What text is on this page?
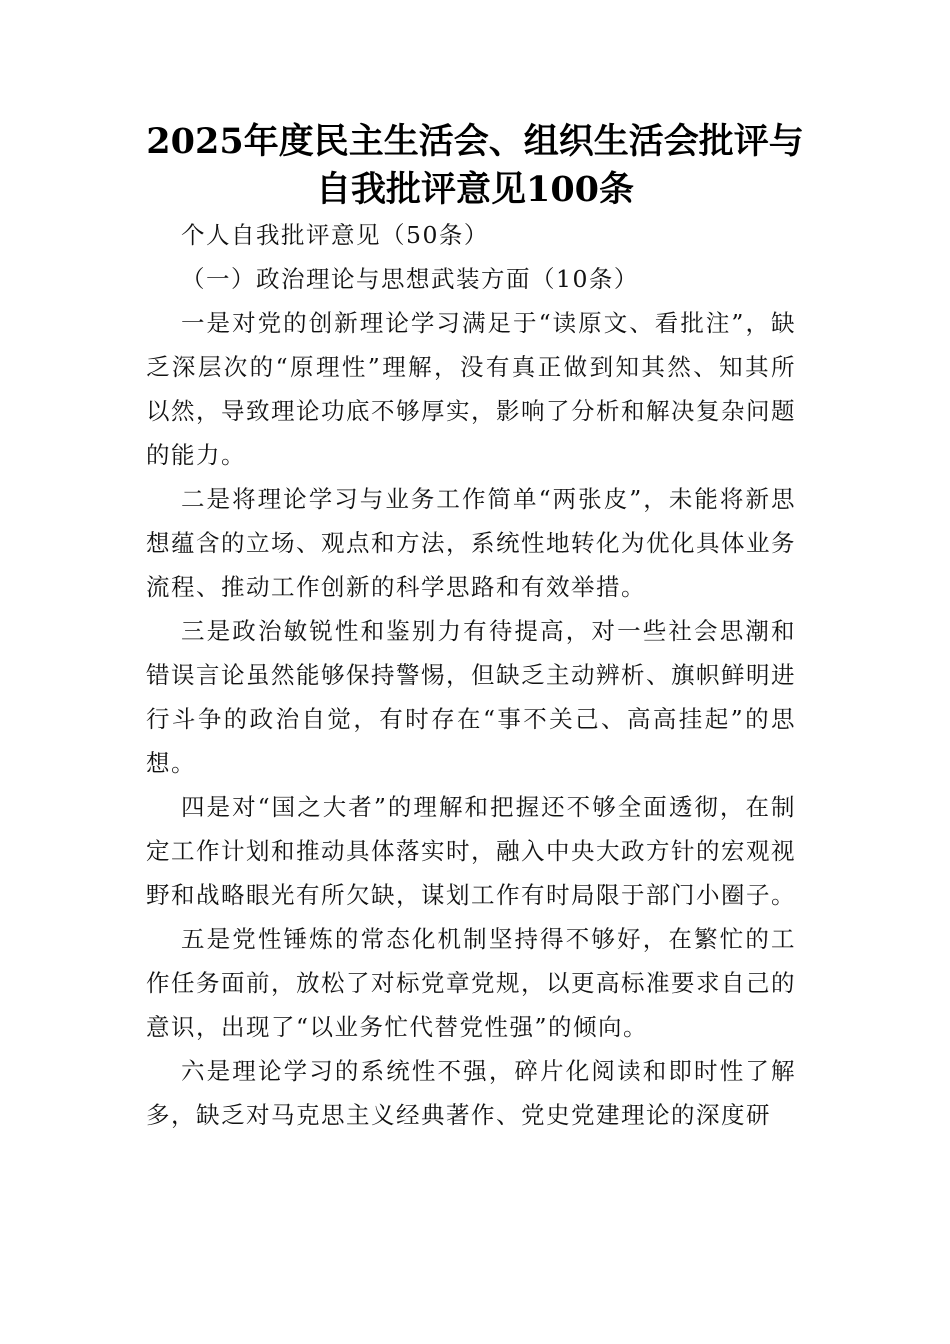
2025年度民主生活会、组织生活会批评与自我批评意见100条

个人自我批评意见（50条）

（一）政治理论与思想武装方面（10条）

一是对党的创新理论学习满足于“读原文、看批注”，缺乏深层次的“原理性”理解，没有真正做到知其然、知其所以然，导致理论功底不够厚实，影响了分析和解决复杂问题的能力。

二是将理论学习与业务工作简单“两张皮”，未能将新思想蕴含的立场、观点和方法，系统性地转化为优化具体业务流程、推动工作创新的科学思路和有效举措。

三是政治敏锐性和鉴别力有待提高，对一些社会思潮和错误言论虽然能够保持警惕，但缺乏主动辨析、旗帜鲜明进行斗争的政治自觉，有时存在“事不关己、高高挂起”的思想。

四是对“国之大者”的理解和把握还不够全面透彻，在制定工作计划和推动具体落实时，融入中央大政方针的宏观视野和战略眼光有所欠缺，谋划工作有时局限于部门小圈子。

五是党性锤炼的常态化机制坚持得不够好，在繁忙的工作任务面前，放松了对标党章党规，以更高标准要求自己的意识，出现了“以业务忙代替党性强”的倾向。

六是理论学习的系统性不强，碎片化阅读和即时性了解多，缺乏对马克思主义经典著作、党史党建理论的深度研
